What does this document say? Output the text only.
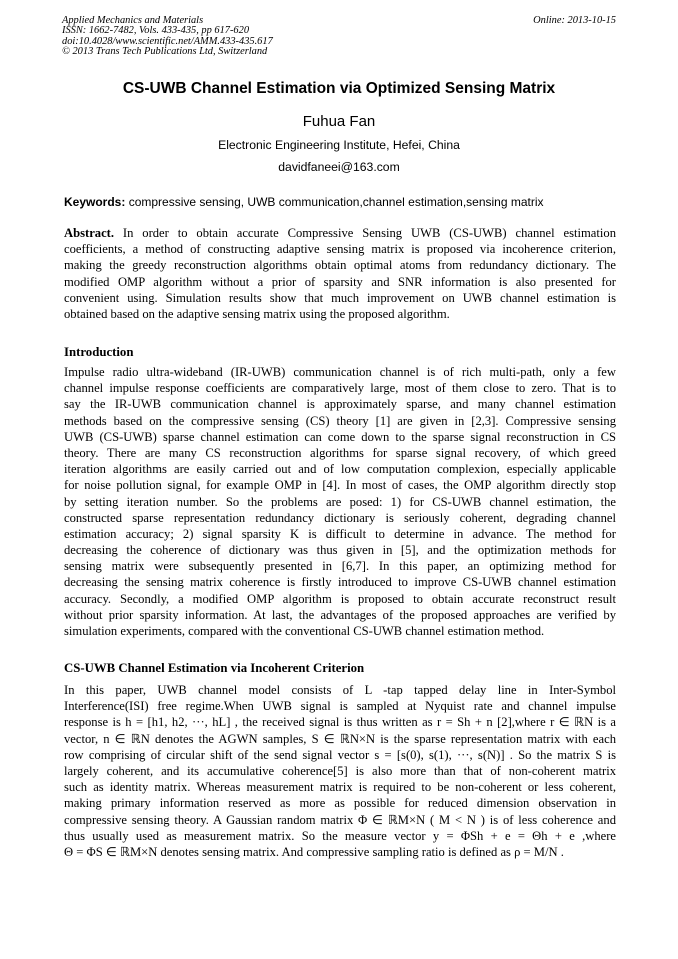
Applied Mechanics and Materials
ISSN: 1662-7482, Vols. 433-435, pp 617-620
doi:10.4028/www.scientific.net/AMM.433-435.617
© 2013 Trans Tech Publications Ltd, Switzerland
Online: 2013-10-15
CS-UWB Channel Estimation via Optimized Sensing Matrix
Fuhua Fan
Electronic Engineering Institute, Hefei, China
davidfaneei@163.com
Keywords: compressive sensing, UWB communication,channel estimation,sensing matrix
Abstract. In order to obtain accurate Compressive Sensing UWB (CS-UWB) channel estimation
coefficients, a method of constructing adaptive sensing matrix is proposed via incoherence criterion,
making the greedy reconstruction algorithms obtain optimal atoms from redundancy dictionary. The
modified OMP algorithm without a prior of sparsity and SNR information is also presented for
convenient using. Simulation results show that much improvement on UWB channel estimation is
obtained based on the adaptive sensing matrix using the proposed algorithm.
Introduction
Impulse radio ultra-wideband (IR-UWB) communication channel is of rich multi-path, only a few
channel impulse response coefficients are comparatively large, most of them close to zero. That is to
say the IR-UWB communication channel is approximately sparse, and many channel estimation
methods based on the compressive sensing (CS) theory [1] are given in [2,3]. Compressive sensing
UWB (CS-UWB) sparse channel estimation can come down to the sparse signal reconstruction in CS
theory. There are many CS reconstruction algorithms for sparse signal recovery, of which greed
iteration algorithms are easily carried out and of low computation complexion, especially applicable
for noise pollution signal, for example OMP in [4]. In most of cases, the OMP algorithm directly stop
by setting iteration number. So the problems are posed: 1) for CS-UWB channel estimation, the
constructed sparse representation redundancy dictionary is seriously coherent, degrading channel
estimation accuracy; 2) signal sparsity K is difficult to determine in advance. The method for
decreasing the coherence of dictionary was thus given in [5], and the optimization methods for
sensing matrix were subsequently presented in [6,7]. In this paper, an optimizing method for
decreasing the sensing matrix coherence is firstly introduced to improve CS-UWB channel estimation
accuracy. Secondly, a modified OMP algorithm is proposed to obtain accurate reconstruct result
without prior sparsity information. At last, the advantages of the proposed approaches are verified by
simulation experiments, compared with the conventional CS-UWB channel estimation method.
CS-UWB Channel Estimation via Incoherent Criterion
In this paper, UWB channel model consists of L -tap tapped delay line in Inter-Symbol
Interference(ISI) free regime.When UWB signal is sampled at Nyquist rate and channel impulse
response is h = [h1, h2, ···, hL] , the received signal is thus written as r = Sh + n [2],where r ∈ ℝN is a
vector, n ∈ ℝN denotes the AGWN samples, S ∈ ℝN×N is the sparse representation matrix with each
row comprising of circular shift of the send signal vector s = [s(0), s(1), ···, s(N)] . So the matrix S is
largely coherent, and its accumulative coherence[5] is also more than that of non-coherent matrix
such as identity matrix. Whereas measurement matrix is required to be non-coherent or less coherent,
making primary information reserved as more as possible for reduced dimension observation in
compressive sensing theory. A Gaussian random matrix Φ ∈ ℝM×N ( M < N ) is of less coherence and
thus usually used as measurement matrix. So the measure vector y = ΦSh + e = Θh + e ,where
Θ = ΦS ∈ ℝM×N denotes sensing matrix. And compressive sampling ratio is defined as ρ = M/N .
